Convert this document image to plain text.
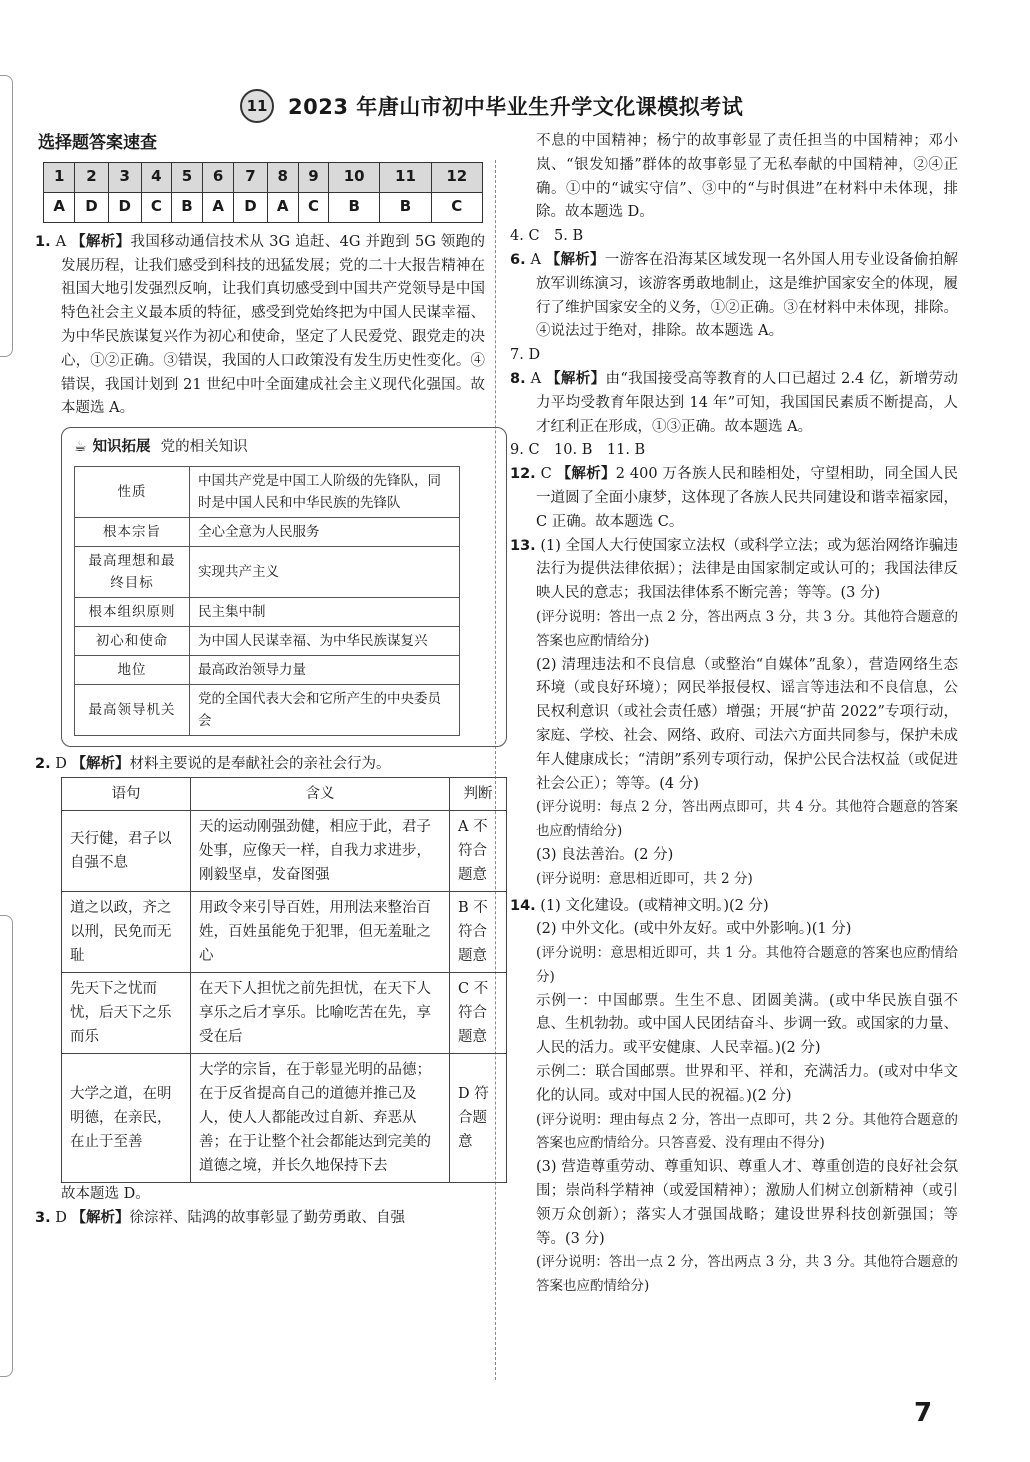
11 2023 年唐山市初中毕业生升学文化课模拟考试
选择题答案速查
1	2	3	4	5	6	7	8	9	10	11	12
A	D	D	C	B	A	D	A	C	B	B	C

1. A 【解析】我国移动通信技术从 3G 追赶、4G 并跑到 5G 领跑的发展历程，让我们感受到科技的迅猛发展；党的二十大报告精神在祖国大地引发强烈反响，让我们真切感受到中国共产党领导是中国特色社会主义最本质的特征，感受到党始终把为中国人民谋幸福、为中华民族谋复兴作为初心和使命，坚定了人民爱党、跟党走的决心，①②正确。③错误，我国的人口政策没有发生历史性变化。④错误，我国计划到 21 世纪中叶全面建成社会主义现代化强国。故本题选 A。

☕ 知识拓展
党的相关知识
性质	中国共产党是中国工人阶级的先锋队，同时是中国人民和中华民族的先锋队
根本宗旨	全心全意为人民服务
最高理想和最终目标	实现共产主义
根本组织原则	民主集中制
初心和使命	为中国人民谋幸福、为中华民族谋复兴
地位	最高政治领导力量
最高领导机关	党的全国代表大会和它所产生的中央委员会

2. D 【解析】材料主要说的是奉献社会的亲社会行为。

语句	含义	判断
天行健，君子以自强不息	天的运动刚强劲健，相应于此，君子处事，应像天一样，自我力求进步，刚毅坚卓，发奋图强	A 不符合题意
道之以政，齐之以刑，民免而无耻	用政令来引导百姓，用刑法来整治百姓，百姓虽能免于犯罪，但无羞耻之心	B 不符合题意
先天下之忧而忧，后天下之乐而乐	在天下人担忧之前先担忧，在天下人享乐之后才享乐。比喻吃苦在先，享受在后	C 不符合题意
大学之道，在明明德，在亲民，在止于至善	大学的宗旨，在于彰显光明的品德；在于反省提高自己的道德并推己及人，使人人都能改过自新、弃恶从善；在于让整个社会都能达到完美的道德之境，并长久地保持下去	D 符合题意

故本题选 D。

3. D 【解析】徐淙祥、陆鸿的故事彰显了勤劳勇敢、自强

不息的中国精神；杨宁的故事彰显了责任担当的中国精神；邓小岚、“银发知播”群体的故事彰显了无私奉献的中国精神，②④正确。①中的“诚实守信”、③中的“与时俱进”在材料中未体现，排除。故本题选 D。

4. C　5. B

6. A 【解析】一游客在沿海某区域发现一名外国人用专业设备偷拍解放军训练演习，该游客勇敢地制止，这是维护国家安全的体现，履行了维护国家安全的义务，①②正确。③在材料中未体现，排除。④说法过于绝对，排除。故本题选 A。

7. D

8. A 【解析】由“我国接受高等教育的人口已超过 2.4 亿，新增劳动力平均受教育年限达到 14 年”可知，我国国民素质不断提高，人才红利正在形成，①③正确。故本题选 A。

9. C　10. B　11. B

12. C 【解析】2 400 万各族人民和睦相处，守望相助，同全国人民一道圆了全面小康梦，这体现了各族人民共同建设和谐幸福家园，C 正确。故本题选 C。

13. (1) 全国人大行使国家立法权（或科学立法；或为惩治网络诈骗违法行为提供法律依据）；法律是由国家制定或认可的；我国法律反映人民的意志；我国法律体系不断完善；等等。(3 分)

(评分说明：答出一点 2 分，答出两点 3 分，共 3 分。其他符合题意的答案也应酌情给分)

(2) 清理违法和不良信息（或整治“自媒体”乱象），营造网络生态环境（或良好环境）；网民举报侵权、谣言等违法和不良信息，公民权利意识（或社会责任感）增强；开展“护苗 2022”专项行动，家庭、学校、社会、网络、政府、司法六方面共同参与，保护未成年人健康成长；“清朗”系列专项行动，保护公民合法权益（或促进社会公正）；等等。(4 分)

(评分说明：每点 2 分，答出两点即可，共 4 分。其他符合题意的答案也应酌情给分)

(3) 良法善治。(2 分)

(评分说明：意思相近即可，共 2 分)

14. (1) 文化建设。(或精神文明。)(2 分)

(2) 中外文化。(或中外友好。或中外影响。)(1 分)

(评分说明：意思相近即可，共 1 分。其他符合题意的答案也应酌情给分)

示例一：中国邮票。生生不息、团圆美满。(或中华民族自强不息、生机勃勃。或中国人民团结奋斗、步调一致。或国家的力量、人民的活力。或平安健康、人民幸福。)(2 分)

示例二：联合国邮票。世界和平、祥和，充满活力。(或对中华文化的认同。或对中国人民的祝福。)(2 分)

(评分说明：理由每点 2 分，答出一点即可，共 2 分。其他符合题意的答案也应酌情给分。只答喜爱、没有理由不得分)

(3) 营造尊重劳动、尊重知识、尊重人才、尊重创造的良好社会氛围；崇尚科学精神（或爱国精神）；激励人们树立创新精神（或引领万众创新）；落实人才强国战略；建设世界科技创新强国；等等。(3 分)

(评分说明：答出一点 2 分，答出两点 3 分，共 3 分。其他符合题意的答案也应酌情给分)

7
